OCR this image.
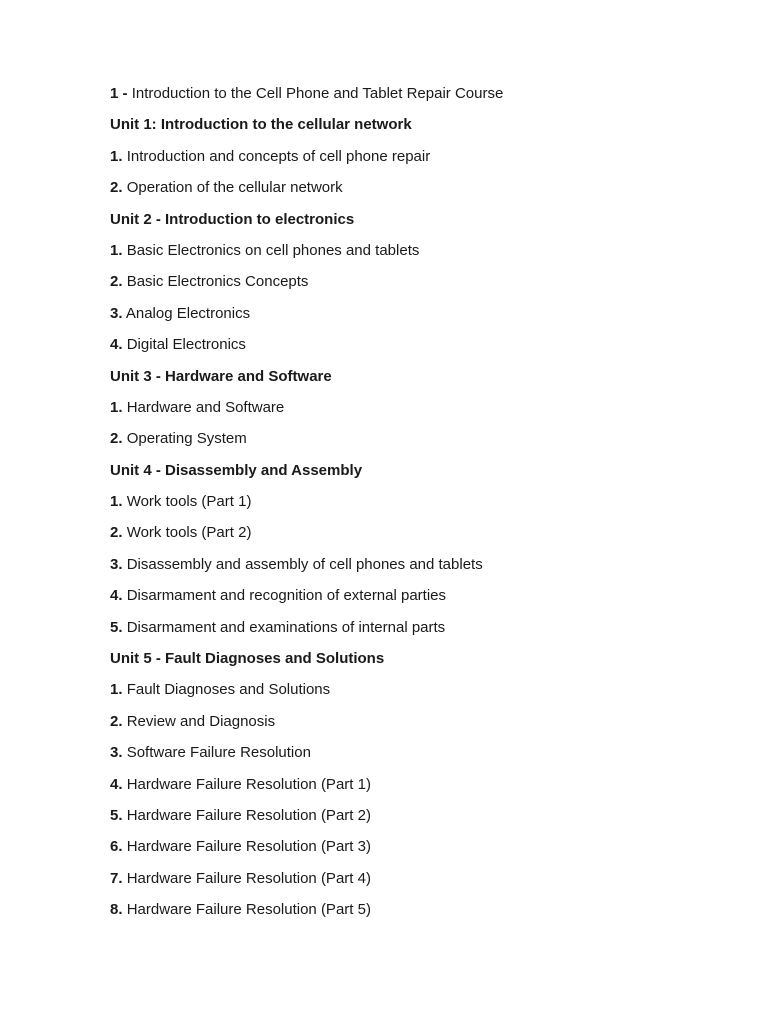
1 - Introduction to the Cell Phone and Tablet Repair Course
Unit 1: Introduction to the cellular network
1. Introduction and concepts of cell phone repair
2. Operation of the cellular network
Unit 2 - Introduction to electronics
1. Basic Electronics on cell phones and tablets
2. Basic Electronics Concepts
3. Analog Electronics
4. Digital Electronics
Unit 3 - Hardware and Software
1. Hardware and Software
2. Operating System
Unit 4 - Disassembly and Assembly
1. Work tools (Part 1)
2. Work tools (Part 2)
3. Disassembly and assembly of cell phones and tablets
4. Disarmament and recognition of external parties
5. Disarmament and examinations of internal parts
Unit 5 - Fault Diagnoses and Solutions
1. Fault Diagnoses and Solutions
2. Review and Diagnosis
3. Software Failure Resolution
4. Hardware Failure Resolution (Part 1)
5. Hardware Failure Resolution (Part 2)
6. Hardware Failure Resolution (Part 3)
7. Hardware Failure Resolution (Part 4)
8. Hardware Failure Resolution (Part 5)
